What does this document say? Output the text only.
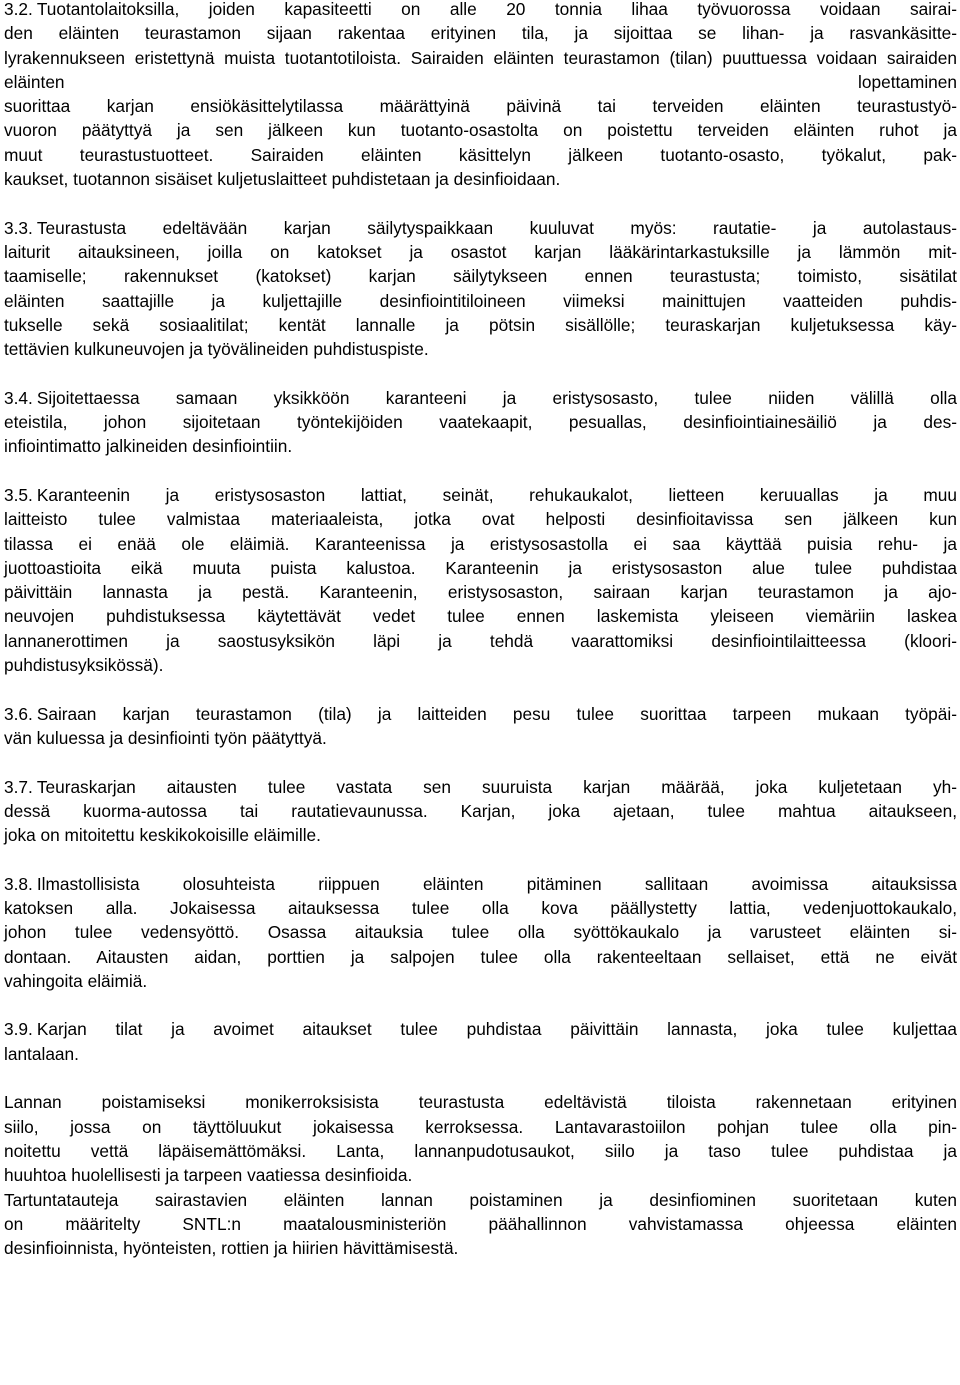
3.2. Tuotantolaitoksilla, joiden kapasiteetti on alle 20 tonnia lihaa työvuorossa voidaan sairai-
den eläinten teurastamon sijaan rakentaa erityinen tila, ja sijoittaa se lihan- ja rasvankäsitte-
lyrakennukseen eristettynä muista tuotantotiloista. Sairaiden eläinten teurastamon (tilan) puuttuessa voidaan sairaiden eläinten lopettaminen
suorittaa karjan ensiökäsittelytilassa määrättyinä päivinä tai terveiden eläinten teurastustyö-
vuoron päätyttyä ja sen jälkeen kun tuotanto-osastolta on poistettu terveiden eläinten ruhot ja
muut teurastustuotteet. Sairaiden eläinten käsittelyn jälkeen tuotanto-osasto, työkalut, pak-
kaukset, tuotannon sisäiset kuljetuslaitteet puhdistetaan ja desinfioidaan.

3.3. Teurastusta edeltävään karjan säilytyspaikkaan kuuluvat myös: rautatie- ja autolastaus-
laiturit aitauksineen, joilla on katokset ja osastot karjan lääkärintarkastuksille ja lämmön mit-
taamiselle; rakennukset (katokset) karjan säilytykseen ennen teurastusta; toimisto, sisätilat
eläinten saattajille ja kuljettajille desinfiointitiloineen viimeksi mainittujen vaatteiden puhdis-
tukselle sekä sosiaalitilat; kentät lannalle ja pötsin sisällölle; teuraskarjan kuljetuksessa käy-
tettävien kulkuneuvojen ja työvälineiden puhdistuspiste.

3.4. Sijoitettaessa samaan yksikköön karanteeni ja eristysosasto, tulee niiden välillä olla
eteistila, johon sijoitetaan työntekijöiden vaatekaapit, pesuallas, desinfiointiainesäiliö ja des-
infiointimatto jalkineiden desinfiointiin.

3.5. Karanteenin ja eristysosaston lattiat, seinät, rehukaukalot, lietteen keruuallas ja muu
laitteisto tulee valmistaa materiaaleista, jotka ovat helposti desinfioitavissa sen jälkeen kun
tilassa ei enää ole eläimiä. Karanteenissa ja eristysosastolla ei saa käyttää puisia rehu- ja
juottoastioita eikä muuta puista kalustoa. Karanteenin ja eristysosaston alue tulee puhdistaa
päivittäin lannasta ja pestä. Karanteenin, eristysosaston, sairaan karjan teurastamon ja ajo-
neuvojen puhdistuksessa käytettävät vedet tulee ennen laskemista yleiseen viemäriin laskea
lannanerottimen ja saostusyksikön läpi ja tehdä vaarattomiksi desinfiointilaitteessa (kloori-
puhdistusyksikössä).

3.6. Sairaan karjan teurastamon (tila) ja laitteiden pesu tulee suorittaa tarpeen mukaan työpäi-
vän kuluessa ja desinfiointi työn päätyttyä.

3.7. Teuraskarjan aitausten tulee vastata sen suuruista karjan määrää, joka kuljetetaan yh-
dessä kuorma-autossa tai rautatievaunussa. Karjan, joka ajetaan, tulee mahtua aitaukseen,
joka on mitoitettu keskikokoisille eläimille.

3.8. Ilmastollisista olosuhteista riippuen eläinten pitäminen sallitaan avoimissa aitauksissa
katoksen alla. Jokaisessa aitauksessa tulee olla kova päällystetty lattia, vedenjuottokaukalo,
johon tulee vedensyöttö. Osassa aitauksia tulee olla syöttökaukalo ja varusteet eläinten si-
dontaan. Aitausten aidan, porttien ja salpojen tulee olla rakenteeltaan sellaiset, että ne eivät
vahingoita eläimiä.

3.9. Karjan tilat ja avoimet aitaukset tulee puhdistaa päivittäin lannasta, joka tulee kuljettaa
lantalaan.

Lannan poistamiseksi monikerroksisista teurastusta edeltävistä tiloista rakennetaan erityinen
siilo, jossa on täyttöluukut jokaisessa kerroksessa. Lantavarastoiilon pohjan tulee olla pin-
noitettu vettä läpäisemättömäksi. Lanta, lannanpudotusaukot, siilo ja taso tulee puhdistaa ja
huuhtoa huolellisesti ja tarpeen vaatiessa desinfioida.

Tartuntatauteja sairastavien eläinten lannan poistaminen ja desinfiominen suoritetaan kuten
on määritelty SNTL:n maatalousministeriön päähallinnon vahvistamassa ohjeessa eläinten
desinfioinnista, hyönteisten, rottien ja hiirien hävittämisestä.
